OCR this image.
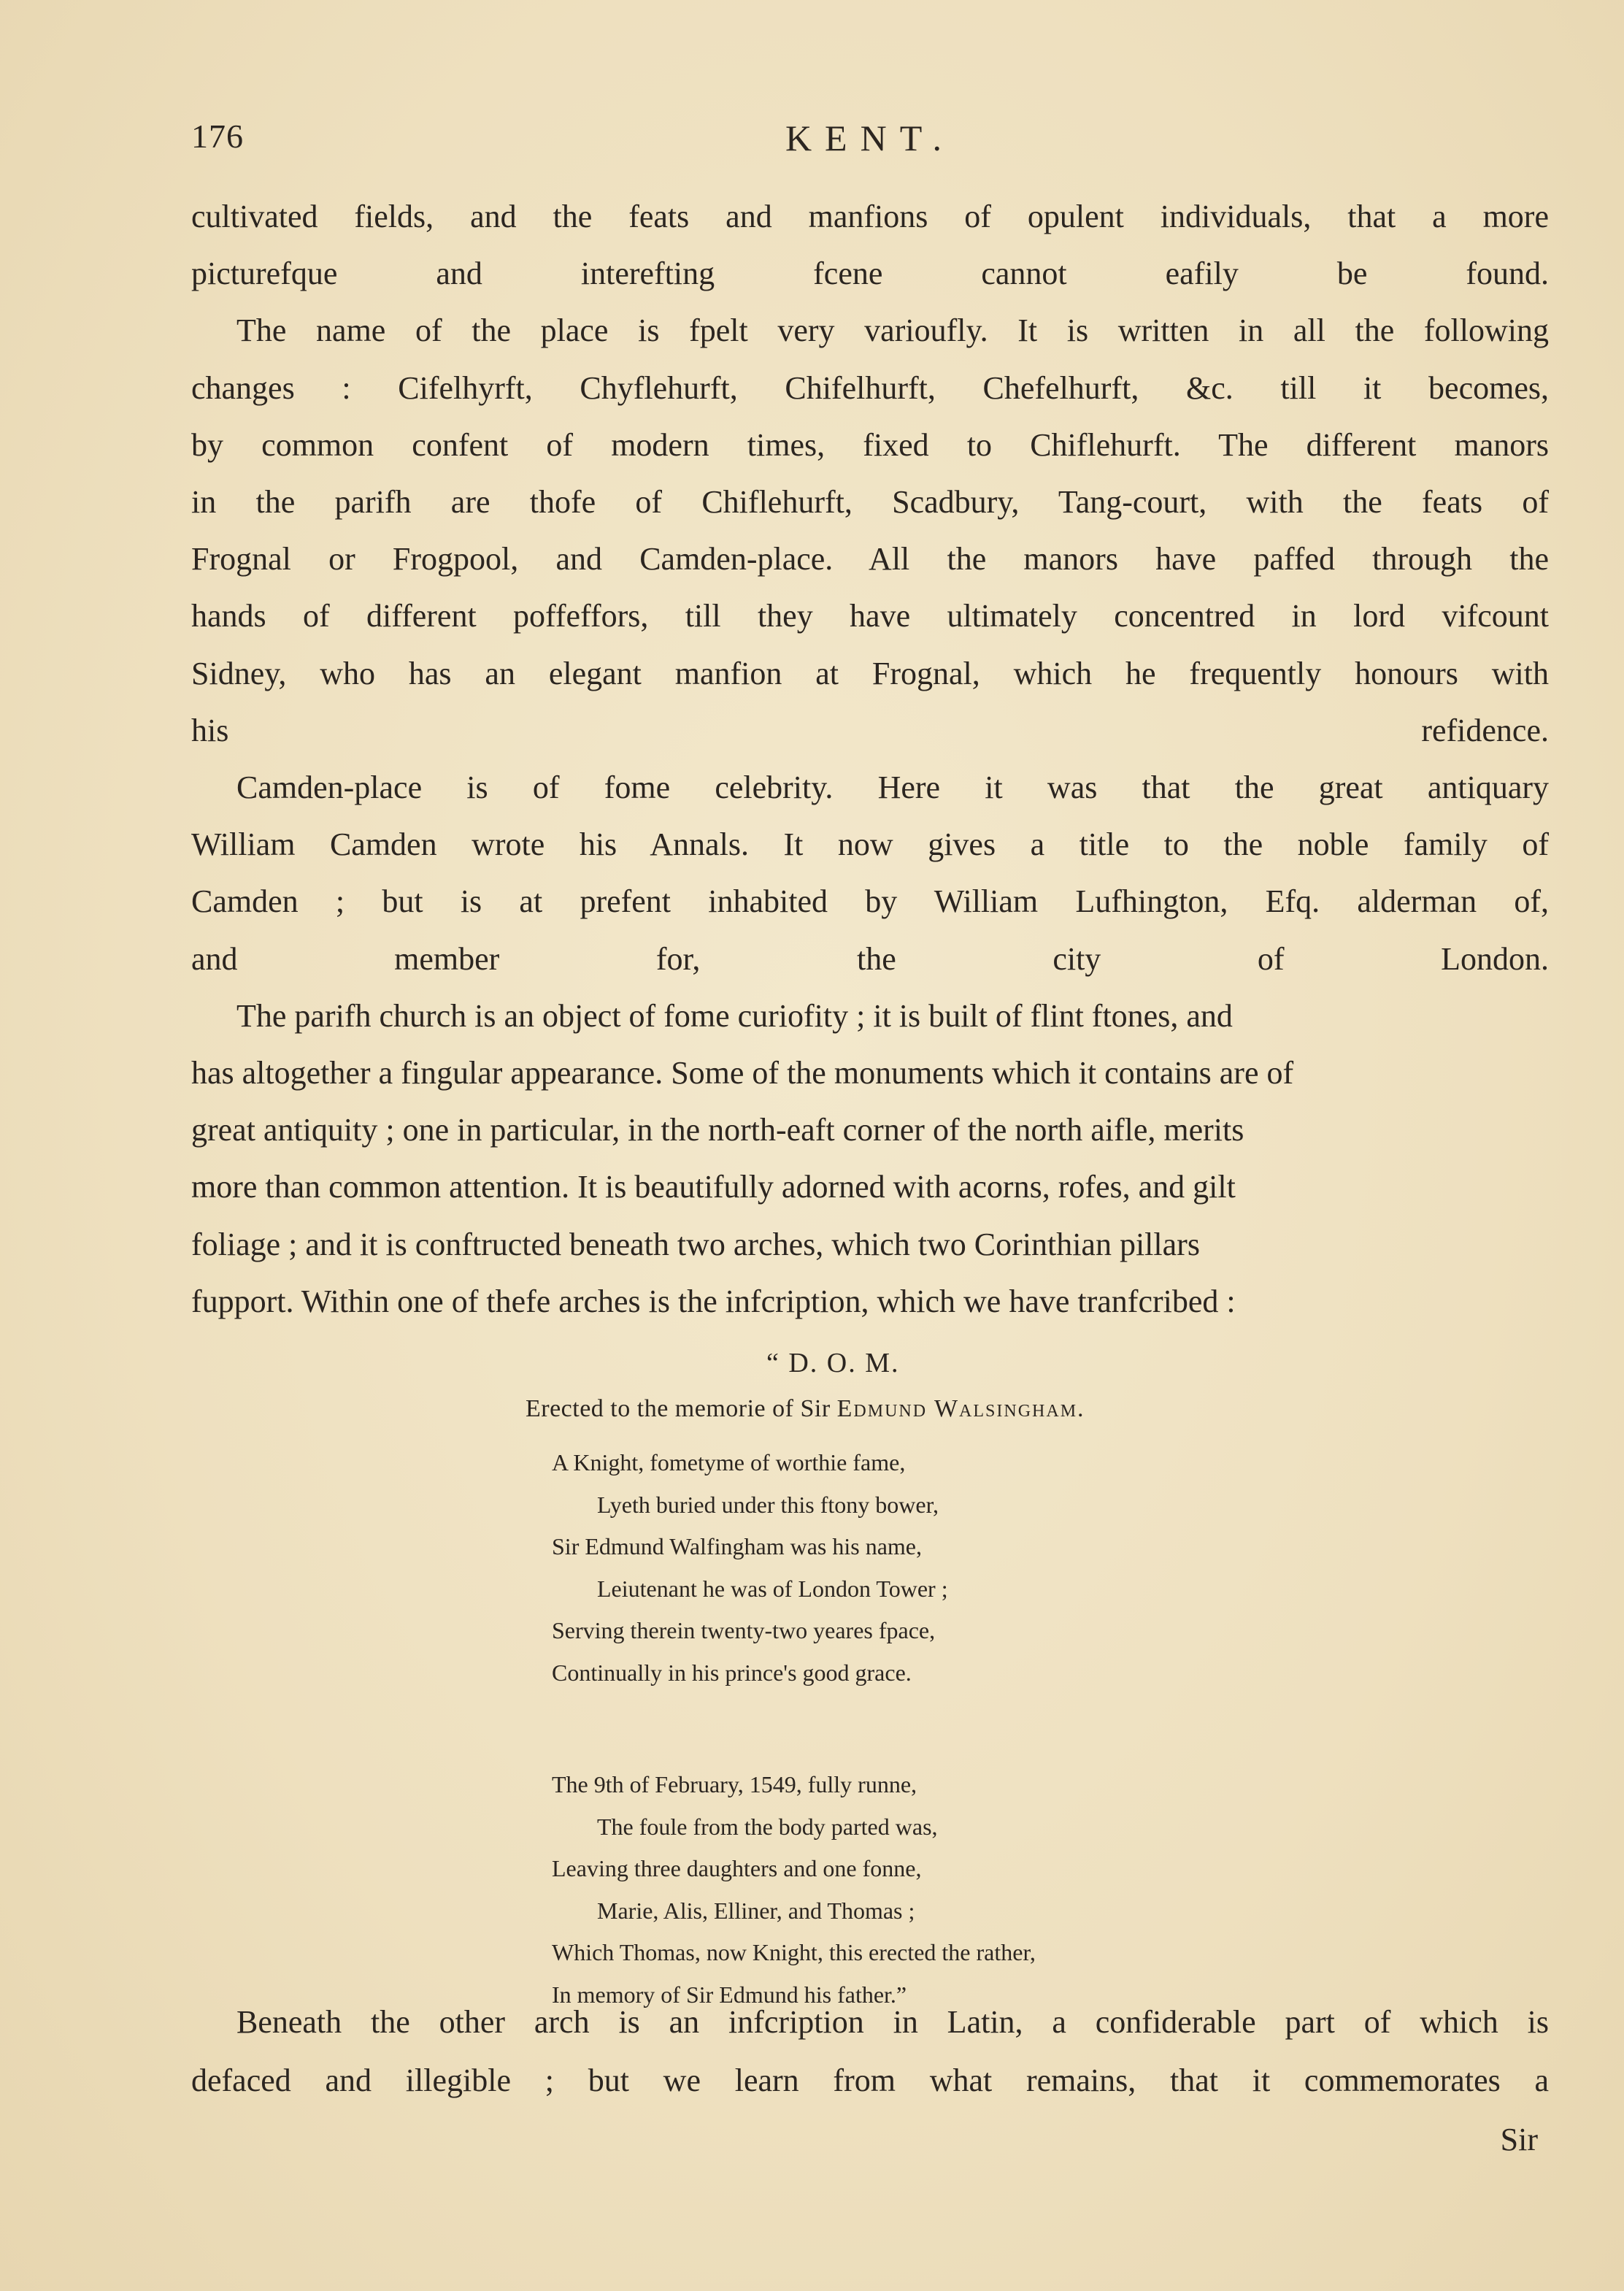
176	KENT.

cultivated fields, and the feats and manfions of opulent individuals, that a more
picturefque and interefting fcene cannot eafily be found.

The name of the place is fpelt very varioufly. It is written in all the following
changes : Cifelhyrft, Chyflehurft, Chifelhurft, Chefelhurft, &c. till it becomes,
by common confent of modern times, fixed to Chiflehurft. The different manors
in the parifh are thofe of Chiflehurft, Scadbury, Tang-court, with the feats of
Frognal or Frogpool, and Camden-place. All the manors have paffed through the
hands of different poffeffors, till they have ultimately concentred in lord vifcount
Sidney, who has an elegant manfion at Frognal, which he frequently honours with
his refidence.

Camden-place is of fome celebrity. Here it was that the great antiquary
William Camden wrote his Annals. It now gives a title to the noble family of
Camden ; but is at prefent inhabited by William Lufhington, Efq. alderman of,
and member for, the city of London.

The parifh church is an object of fome curiofity ; it is built of flint ftones, and
has altogether a fingular appearance. Some of the monuments which it contains are of
great antiquity ; one in particular, in the north-eaft corner of the north aifle, merits
more than common attention. It is beautifully adorned with acorns, rofes, and gilt
foliage ; and it is conftructed beneath two arches, which two Corinthian pillars
fupport. Within one of thefe arches is the infcription, which we have tranfcribed :

“ D. O. M.
Erected to the memorie of Sir Edmund Walsingham.
A Knight, fometyme of worthie fame,
Lyeth buried under this ftony bower,
Sir Edmund Walfingham was his name,
Leiutenant he was of London Tower ;
Serving therein twenty-two yeares fpace,
Continually in his prince's good grace.
The 9th of February, 1549, fully runne,
The foule from the body parted was,
Leaving three daughters and one fonne,
Marie, Alis, Elliner, and Thomas ;
Which Thomas, now Knight, this erected the rather,
In memory of Sir Edmund his father.”

Beneath the other arch is an infcription in Latin, a confiderable part of which is
defaced and illegible ; but we learn from what remains, that it commemorates a

Sir
